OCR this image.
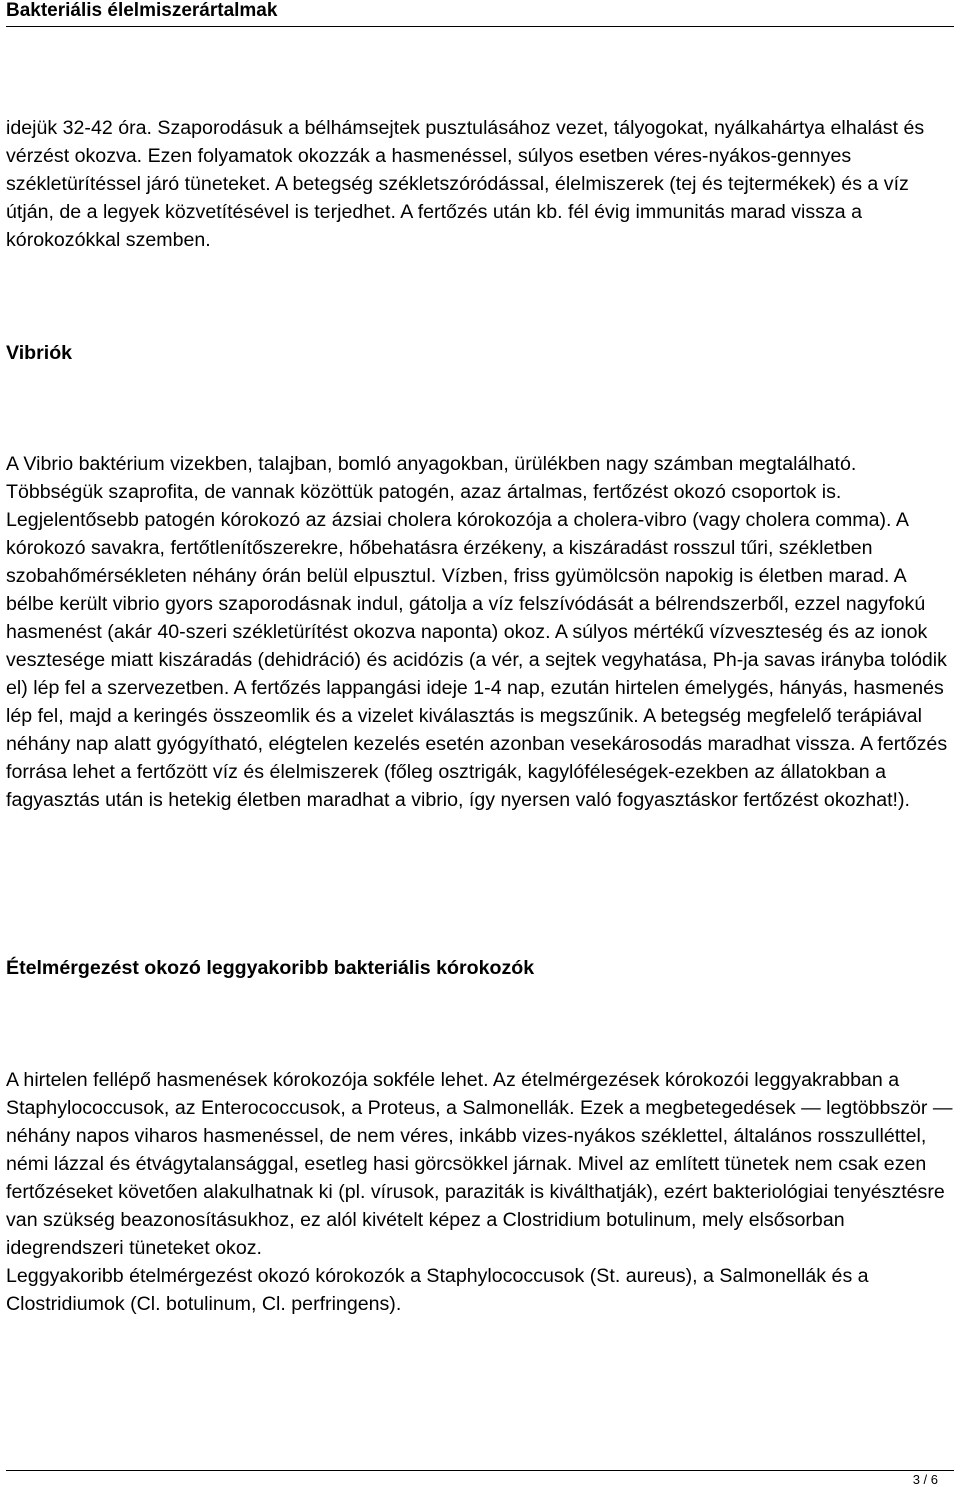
Bakteriális élelmiszerártalmak

idejük 32-42 óra. Szaporodásuk a bélhámsejtek pusztulásához vezet, tályogokat, nyálkahártya elhalást és vérzést okozva. Ezen folyamatok okozzák a hasmenéssel, súlyos esetben véres-nyákos-gennyes székletürítéssel járó tüneteket. A betegség székletszóródással, élelmiszerek (tej és tejtermékek) és a víz útján, de a legyek közvetítésével is terjedhet. A fertőzés után kb. fél évig immunitás marad vissza a kórokozókkal szemben.

Vibriók

A Vibrio baktérium vizekben, talajban, bomló anyagokban, ürülékben nagy számban megtalálható. Többségük szaprofita, de vannak közöttük patogén, azaz ártalmas, fertőzést okozó csoportok is. Legjelentősebb patogén kórokozó az ázsiai cholera kórokozója a cholera-vibro (vagy cholera comma). A kórokozó savakra, fertőtlenítőszerekre, hőbehatásra érzékeny, a kiszáradást rosszul tűri, székletben szobahőmérsékleten néhány órán belül elpusztul. Vízben, friss gyümölcsön napokig is életben marad. A bélbe került vibrio gyors szaporodásnak indul, gátolja a víz felszívódását a bélrendszerből, ezzel nagyfokú hasmenést (akár 40-szeri székletürítést okozva naponta) okoz. A súlyos mértékű vízveszteség és az ionok vesztesége miatt kiszáradás (dehidráció) és acidózis (a vér, a sejtek vegyhatása, Ph-ja savas irányba tolódik el) lép fel a szervezetben. A fertőzés lappangási ideje 1-4 nap, ezután hirtelen émelygés, hányás, hasmenés lép fel, majd a keringés összeomlik és a vizelet kiválasztás is megszűnik. A betegség megfelelő terápiával néhány nap alatt gyógyítható, elégtelen kezelés esetén azonban vesekárosodás maradhat vissza. A fertőzés forrása lehet a fertőzött víz és élelmiszerek (főleg osztrigák, kagylóféleségek-ezekben az állatokban a fagyasztás után is hetekig életben maradhat a vibrio, így nyersen való fogyasztáskor fertőzést okozhat!).

Ételmérgezést okozó leggyakoribb bakteriális kórokozók

A hirtelen fellépő hasmenések kórokozója sokféle lehet. Az ételmérgezések kórokozói leggyakrabban a Staphylococcusok, az Enterococcusok, a Proteus, a Salmonellák. Ezek a megbetegedések — legtöbbször — néhány napos viharos hasmenéssel, de nem véres, inkább vizes-nyákos széklettel, általános rosszulléttel, némi lázzal és étvágytalansággal, esetleg hasi görcsökkel járnak. Mivel az említett tünetek nem csak ezen fertőzéseket követően alakulhatnak ki (pl. vírusok, paraziták is kiválthatják), ezért bakteriológiai tenyésztésre van szükség beazonosításukhoz, ez alól kivételt képez a Clostridium botulinum, mely elsősorban idegrendszeri tüneteket okoz.

Leggyakoribb ételmérgezést okozó kórokozók a Staphylococcusok (St. aureus), a Salmonellák és a Clostridiumok (Cl. botulinum, Cl. perfringens).

3 / 6
